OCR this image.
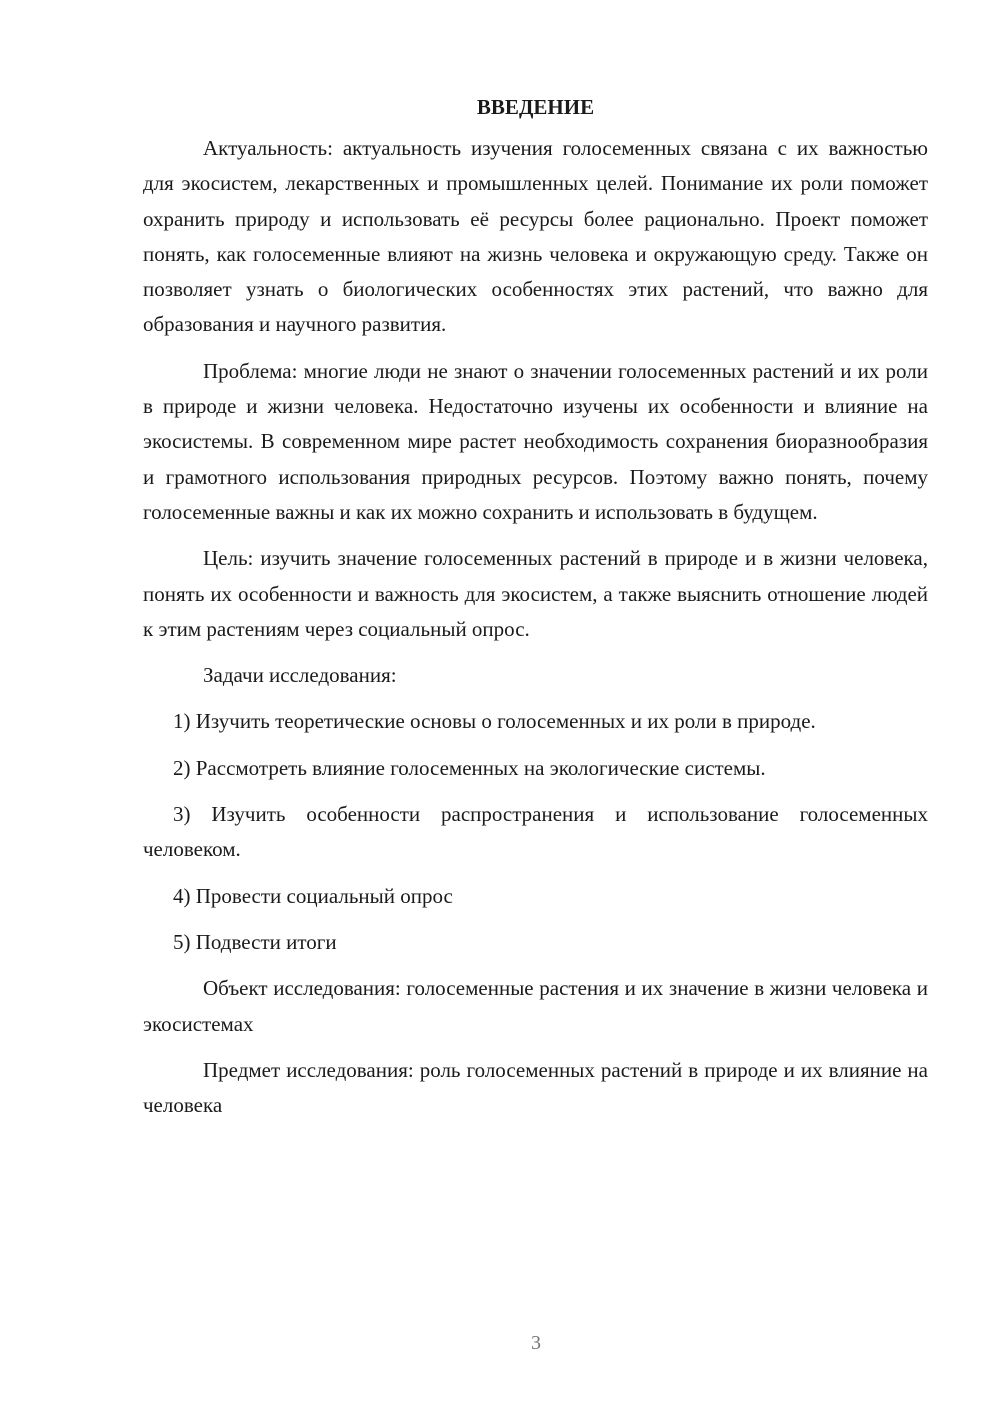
ВВЕДЕНИЕ

Актуальность: актуальность изучения голосеменных связана с их важностью для экосистем, лекарственных и промышленных целей. Понимание их роли поможет охранить природу и использовать её ресурсы более рационально. Проект поможет понять, как голосеменные влияют на жизнь человека и окружающую среду. Также он позволяет узнать о биологических особенностях этих растений, что важно для образования и научного развития.

Проблема: многие люди не знают о значении голосеменных растений и их роли в природе и жизни человека. Недостаточно изучены их особенности и влияние на экосистемы. В современном мире растет необходимость сохранения биоразнообразия и грамотного использования природных ресурсов. Поэтому важно понять, почему голосеменные важны и как их можно сохранить и использовать в будущем.

Цель: изучить значение голосеменных растений в природе и в жизни человека, понять их особенности и важность для экосистем, а также выяснить отношение людей к этим растениям через социальный опрос.

Задачи исследования:

1) Изучить теоретические основы о голосеменных и их роли в природе.

2) Рассмотреть влияние голосеменных на экологические системы.

3) Изучить особенности распространения и использование голосеменных человеком.

4) Провести социальный опрос

5) Подвести итоги

Объект исследования: голосеменные растения и их значение в жизни человека и экосистемах

Предмет исследования: роль голосеменных растений в природе и их влияние на человека

3
